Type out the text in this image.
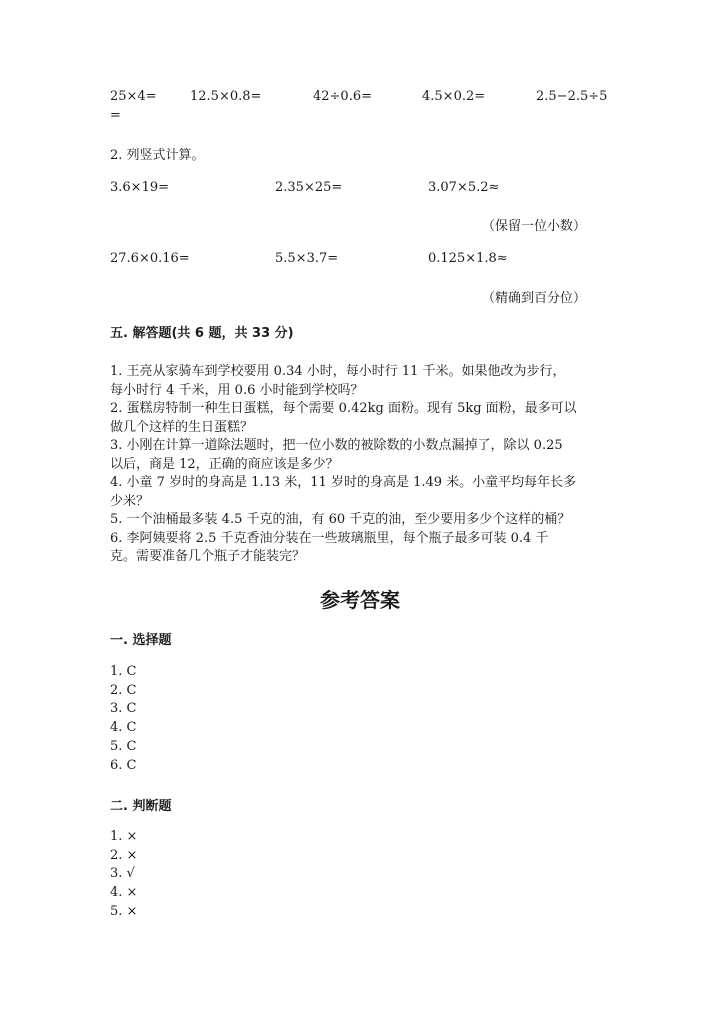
25×4=	12.5×0.8=	42÷0.6=	4.5×0.2=	2.5−2.5÷5
=
2. 列竖式计算。
3.6×19=	2.35×25=	3.07×5.2≈
（保留一位小数）
27.6×0.16=	5.5×3.7=	0.125×1.8≈
（精确到百分位）
五. 解答题(共 6 题，共 33 分)
1. 王亮从家骑车到学校要用 0.34 小时，每小时行 11 千米。如果他改为步行，
每小时行 4 千米，用 0.6 小时能到学校吗？
2. 蛋糕房特制一种生日蛋糕，每个需要 0.42kg 面粉。现有 5kg 面粉，最多可以
做几个这样的生日蛋糕？
3. 小刚在计算一道除法题时，把一位小数的被除数的小数点漏掉了，除以 0.25
以后，商是 12，正确的商应该是多少？
4. 小童 7 岁时的身高是 1.13 米，11 岁时的身高是 1.49 米。小童平均每年长多
少米？
5. 一个油桶最多装 4.5 千克的油，有 60 千克的油，至少要用多少个这样的桶？
6. 李阿姨要将 2.5 千克香油分装在一些玻璃瓶里，每个瓶子最多可装 0.4 千
克。需要准备几个瓶子才能装完？
参考答案
一. 选择题
1. C
2. C
3. C
4. C
5. C
6. C
二. 判断题
1. ×
2. ×
3. √
4. ×
5. ×
